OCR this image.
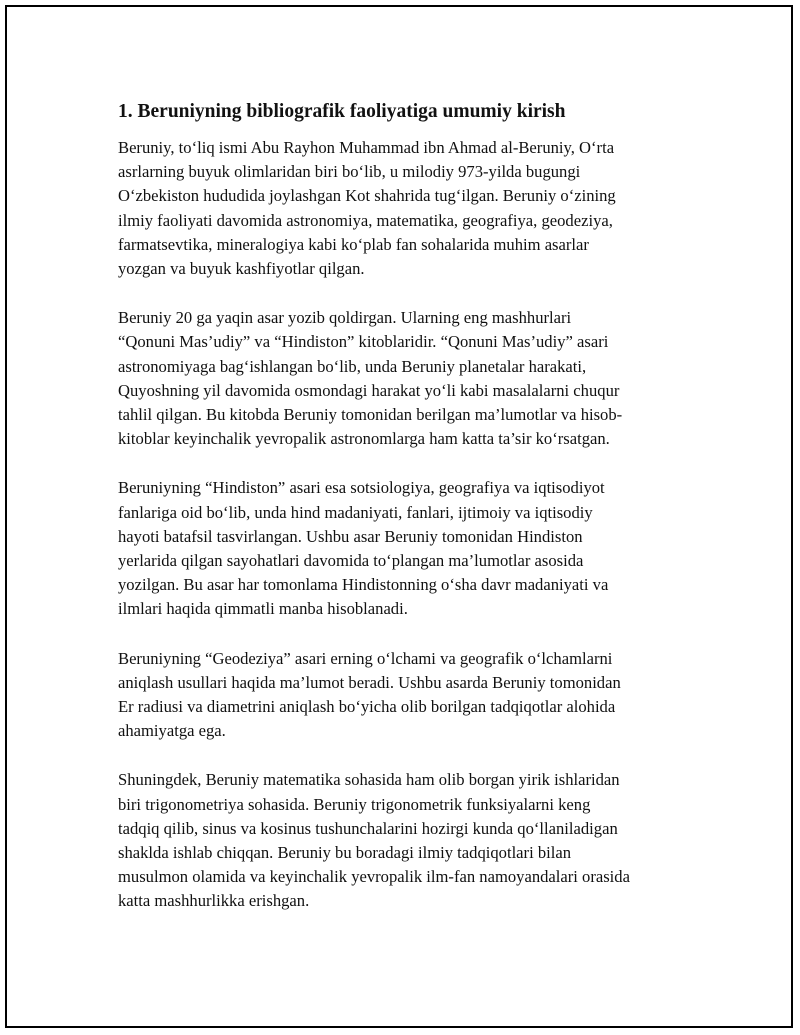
1. Beruniyning bibliografik faoliyatiga umumiy kirish

Beruniy, to‘liq ismi Abu Rayhon Muhammad ibn Ahmad al-Beruniy, O‘rta
asrlarning buyuk olimlaridan biri bo‘lib, u milodiy 973-yilda bugungi
O‘zbekiston hududida joylashgan Kot shahrida tug‘ilgan. Beruniy o‘zining
ilmiy faoliyati davomida astronomiya, matematika, geografiya, geodeziya,
farmatsevtika, mineralogiya kabi ko‘plab fan sohalarida muhim asarlar
yozgan va buyuk kashfiyotlar qilgan.

Beruniy 20 ga yaqin asar yozib qoldirgan. Ularning eng mashhurlari
“Qonuni Mas’udiy” va “Hindiston” kitoblaridir. “Qonuni Mas’udiy” asari
astronomiyaga bag‘ishlangan bo‘lib, unda Beruniy planetalar harakati,
Quyoshning yil davomida osmondagi harakat yo‘li kabi masalalarni chuqur
tahlil qilgan. Bu kitobda Beruniy tomonidan berilgan ma’lumotlar va hisob-
kitoblar keyinchalik yevropalik astronomlarga ham katta ta’sir ko‘rsatgan.

Beruniyning “Hindiston” asari esa sotsiologiya, geografiya va iqtisodiyot
fanlariga oid bo‘lib, unda hind madaniyati, fanlari, ijtimoiy va iqtisodiy
hayoti batafsil tasvirlangan. Ushbu asar Beruniy tomonidan Hindiston
yerlarida qilgan sayohatlari davomida to‘plangan ma’lumotlar asosida
yozilgan. Bu asar har tomonlama Hindistonning o‘sha davr madaniyati va
ilmlari haqida qimmatli manba hisoblanadi.

Beruniyning “Geodeziya” asari erning o‘lchami va geografik o‘lchamlarni
aniqlash usullari haqida ma’lumot beradi. Ushbu asarda Beruniy tomonidan
Er radiusi va diametrini aniqlash bo‘yicha olib borilgan tadqiqotlar alohida
ahamiyatga ega.

Shuningdek, Beruniy matematika sohasida ham olib borgan yirik ishlaridan
biri trigonometriya sohasida. Beruniy trigonometrik funksiyalarni keng
tadqiq qilib, sinus va kosinus tushunchalarini hozirgi kunda qo‘llaniladigan
shaklda ishlab chiqqan. Beruniy bu boradagi ilmiy tadqiqotlari bilan
musulmon olamida va keyinchalik yevropalik ilm-fan namoyandalari orasida
katta mashhurlikka erishgan.
